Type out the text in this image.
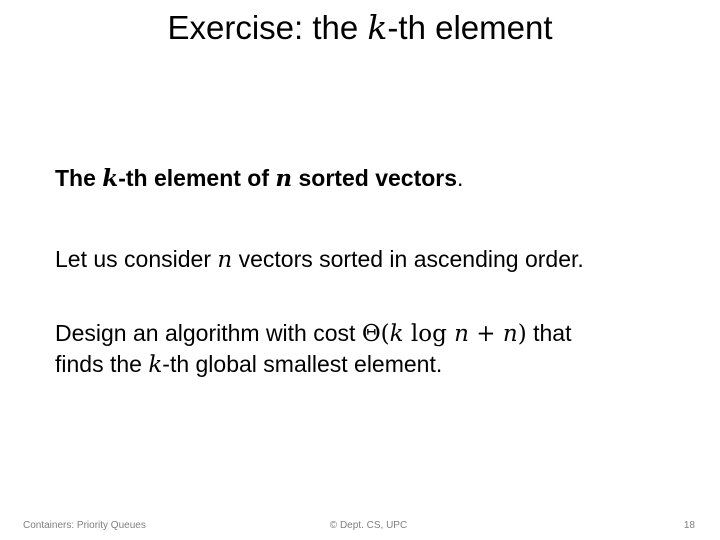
Exercise: the k-th element
The k-th element of n sorted vectors.
Let us consider n vectors sorted in ascending order.
Design an algorithm with cost Θ(k log n + n) that
finds the k-th global smallest element.
Containers: Priority Queues	© Dept. CS, UPC	18
